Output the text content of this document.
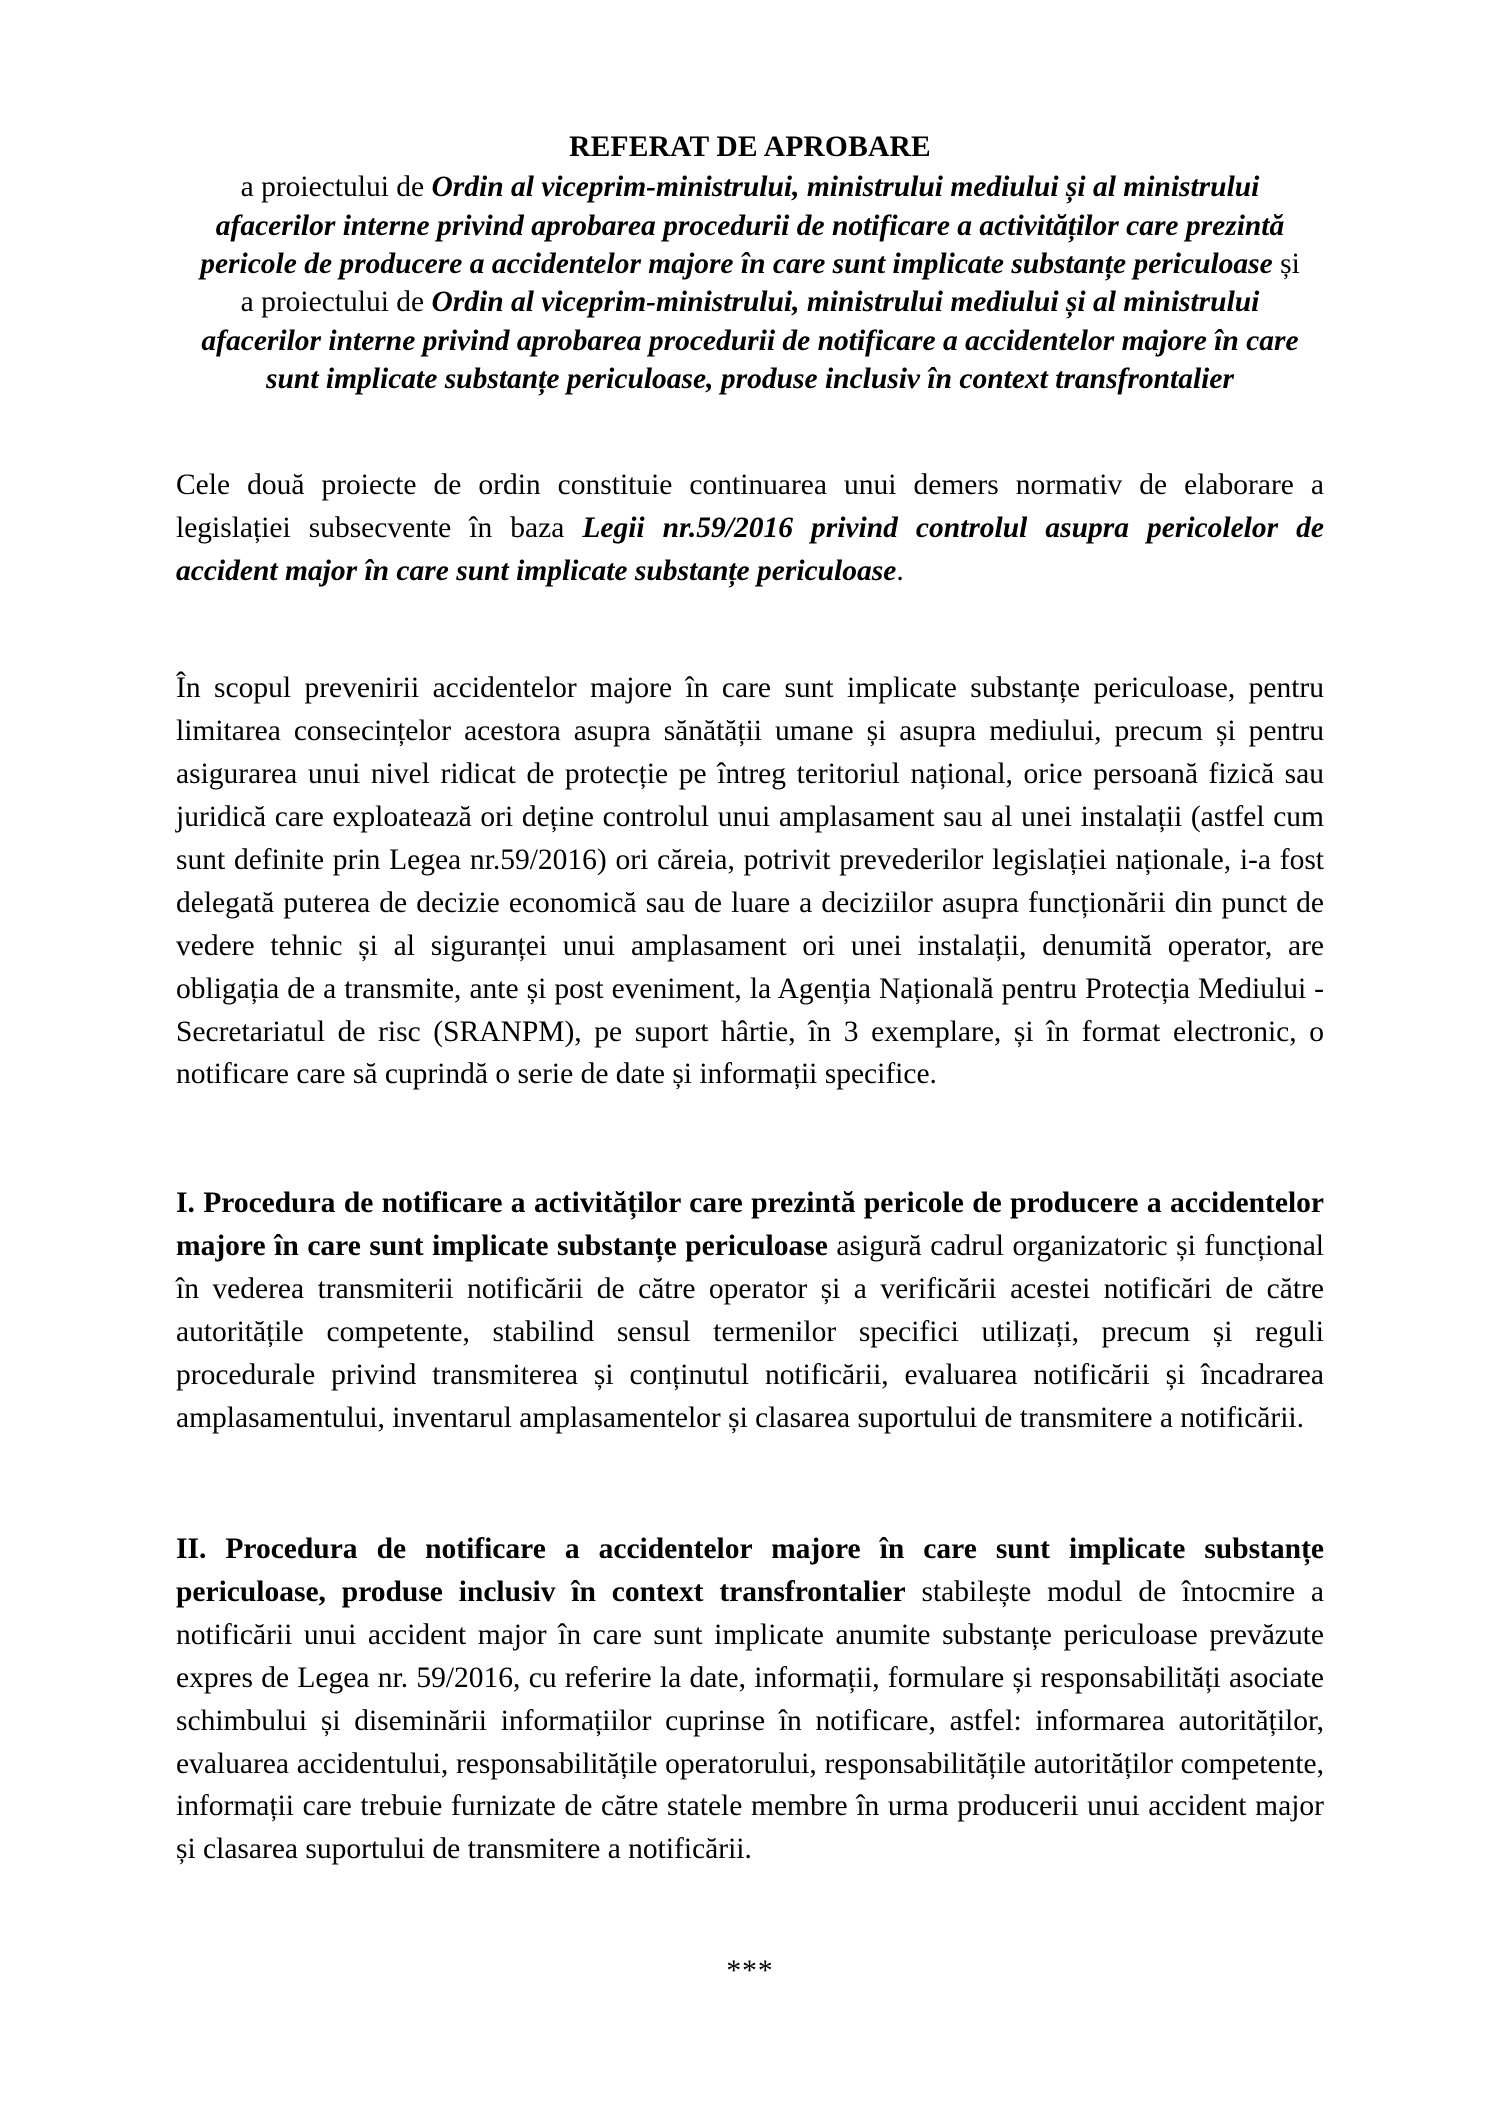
REFERAT DE APROBARE
a proiectului de Ordin al viceprim-ministrului, ministrului mediului și al ministrului
afacerilor interne privind aprobarea procedurii de notificare a activităților care prezintă
pericole de producere a accidentelor majore în care sunt implicate substanțe periculoase și
a proiectului de Ordin al viceprim-ministrului, ministrului mediului și al ministrului
afacerilor interne privind aprobarea procedurii de notificare a accidentelor majore în care
sunt implicate substanțe periculoase, produse inclusiv în context transfrontalier

Cele două proiecte de ordin constituie continuarea unui demers normativ de elaborare a legislației subsecvente în baza Legii nr.59/2016 privind controlul asupra pericolelor de accident major în care sunt implicate substanțe periculoase.

În scopul prevenirii accidentelor majore în care sunt implicate substanțe periculoase, pentru limitarea consecințelor acestora asupra sănătății umane și asupra mediului, precum și pentru asigurarea unui nivel ridicat de protecție pe întreg teritoriul național, orice persoană fizică sau juridică care exploatează ori deține controlul unui amplasament sau al unei instalații (astfel cum sunt definite prin Legea nr.59/2016) ori căreia, potrivit prevederilor legislației naționale, i-a fost delegată puterea de decizie economică sau de luare a deciziilor asupra funcționării din punct de vedere tehnic și al siguranței unui amplasament ori unei instalații, denumită operator, are obligația de a transmite, ante și post eveniment, la Agenția Națională pentru Protecția Mediului - Secretariatul de risc (SRANPM), pe suport hârtie, în 3 exemplare, și în format electronic, o notificare care să cuprindă o serie de date și informații specifice.

I. Procedura de notificare a activităților care prezintă pericole de producere a accidentelor majore în care sunt implicate substanțe periculoase asigură cadrul organizatoric și funcțional în vederea transmiterii notificării de către operator și a verificării acestei notificări de către autoritățile competente, stabilind sensul termenilor specifici utilizați, precum și reguli procedurale privind transmiterea și conținutul notificării, evaluarea notificării și încadrarea amplasamentului, inventarul amplasamentelor și clasarea suportului de transmitere a notificării.

II. Procedura de notificare a accidentelor majore în care sunt implicate substanțe periculoase, produse inclusiv în context transfrontalier stabilește modul de întocmire a notificării unui accident major în care sunt implicate anumite substanțe periculoase prevăzute expres de Legea nr. 59/2016, cu referire la date, informații, formulare și responsabilități asociate schimbului și diseminării informațiilor cuprinse în notificare, astfel: informarea autorităților, evaluarea accidentului, responsabilitățile operatorului, responsabilitățile autorităților competente, informații care trebuie furnizate de către statele membre în urma producerii unui accident major și clasarea suportului de transmitere a notificării.

***
